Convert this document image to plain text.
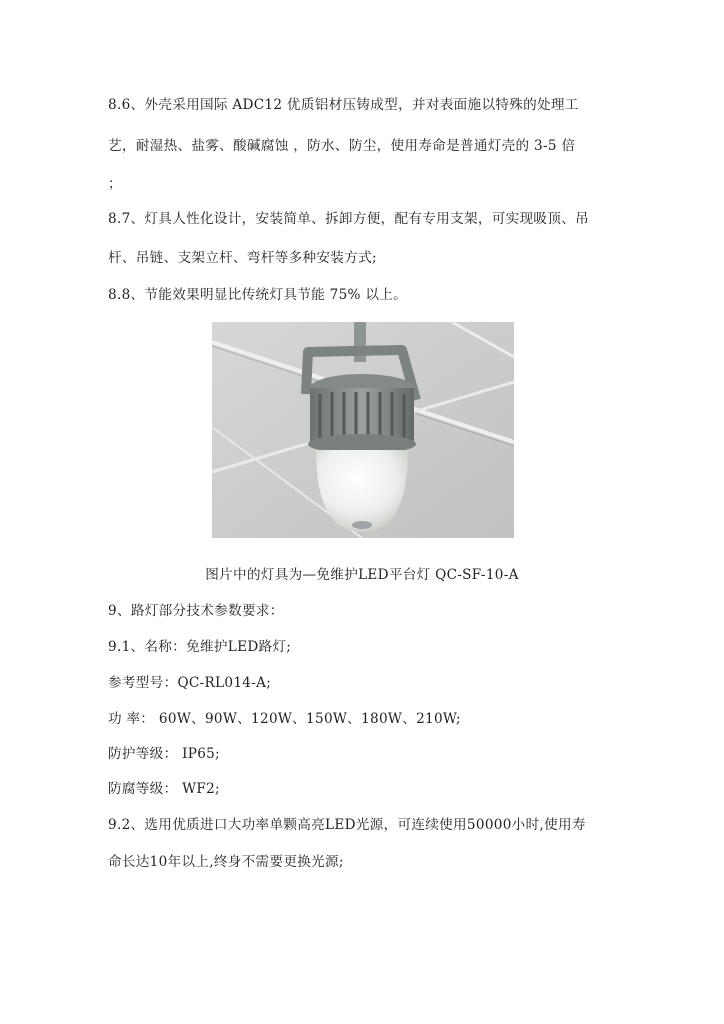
8.6、外壳采用国际 ADC12 优质铝材压铸成型，并对表面施以特殊的处理工
艺，耐湿热、盐雾、酸碱腐蚀 ，防水、防尘，使用寿命是普通灯壳的 3-5 倍
；
8.7、灯具人性化设计，安装简单、拆卸方便，配有专用支架，可实现吸顶、吊
杆、吊链、支架立杆、弯杆等多种安装方式;
8.8、节能效果明显比传统灯具节能 75% 以上。
图片中的灯具为—免维护LED平台灯 QC-SF-10-A
9、路灯部分技术参数要求：
9.1、名称：免维护LED路灯;
参考型号：QC-RL014-A;
功 率： 60W、90W、120W、150W、180W、210W;
防护等级： IP65;
防腐等级： WF2;
9.2、选用优质进口大功率单颗高亮LED光源，可连续使用50000小时,使用寿
命长达10年以上,终身不需要更换光源;
